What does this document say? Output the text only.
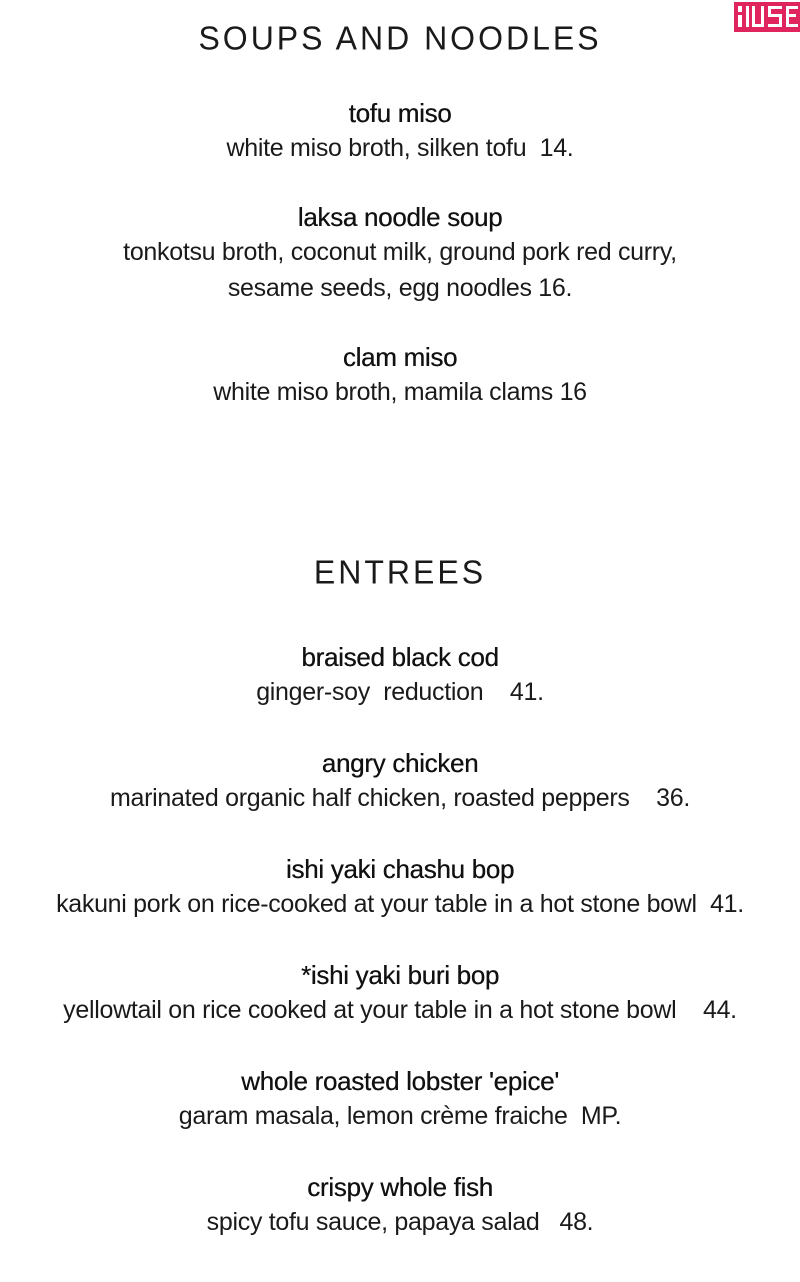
SOUPS AND NOODLES
tofu miso
white miso broth, silken tofu  14.
laksa noodle soup
tonkotsu broth, coconut milk, ground pork red curry,
sesame seeds, egg noodles 16.
clam miso
white miso broth, mamila clams 16
ENTREES
braised black cod
ginger-soy  reduction    41.
angry chicken
marinated organic half chicken, roasted peppers    36.
ishi yaki chashu bop
kakuni pork on rice-cooked at your table in a hot stone bowl  41.
*ishi yaki buri bop
yellowtail on rice cooked at your table in a hot stone bowl    44.
whole roasted lobster 'epice'
garam masala, lemon crème fraiche  MP.
crispy whole fish
spicy tofu sauce, papaya salad   48.
